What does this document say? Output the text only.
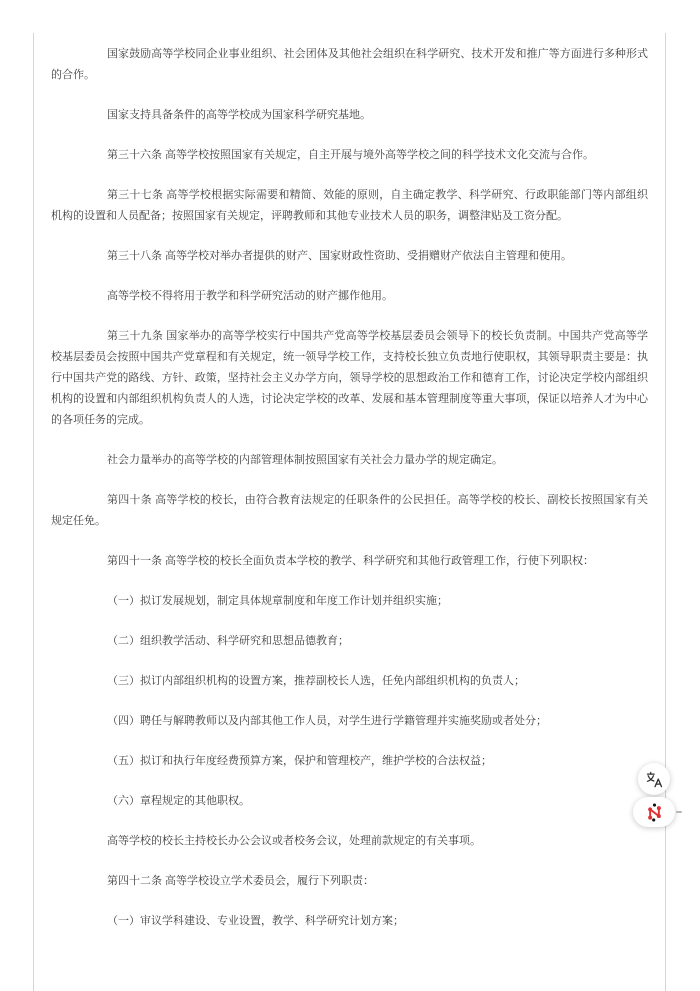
国家鼓励高等学校同企业事业组织、社会团体及其他社会组织在科学研究、技术开发和推广等方面进行多种形式的合作。

国家支持具备条件的高等学校成为国家科学研究基地。

第三十六条 高等学校按照国家有关规定，自主开展与境外高等学校之间的科学技术文化交流与合作。

第三十七条 高等学校根据实际需要和精简、效能的原则，自主确定教学、科学研究、行政职能部门等内部组织机构的设置和人员配备；按照国家有关规定，评聘教师和其他专业技术人员的职务，调整津贴及工资分配。

第三十八条 高等学校对举办者提供的财产、国家财政性资助、受捐赠财产依法自主管理和使用。

高等学校不得将用于教学和科学研究活动的财产挪作他用。

第三十九条 国家举办的高等学校实行中国共产党高等学校基层委员会领导下的校长负责制。中国共产党高等学校基层委员会按照中国共产党章程和有关规定，统一领导学校工作，支持校长独立负责地行使职权，其领导职责主要是：执行中国共产党的路线、方针、政策，坚持社会主义办学方向，领导学校的思想政治工作和德育工作，讨论决定学校内部组织机构的设置和内部组织机构负责人的人选，讨论决定学校的改革、发展和基本管理制度等重大事项，保证以培养人才为中心的各项任务的完成。

社会力量举办的高等学校的内部管理体制按照国家有关社会力量办学的规定确定。

第四十条 高等学校的校长，由符合教育法规定的任职条件的公民担任。高等学校的校长、副校长按照国家有关规定任免。

第四十一条 高等学校的校长全面负责本学校的教学、科学研究和其他行政管理工作，行使下列职权：

（一）拟订发展规划，制定具体规章制度和年度工作计划并组织实施；

（二）组织教学活动、科学研究和思想品德教育；

（三）拟订内部组织机构的设置方案，推荐副校长人选，任免内部组织机构的负责人；

（四）聘任与解聘教师以及内部其他工作人员，对学生进行学籍管理并实施奖励或者处分；

（五）拟订和执行年度经费预算方案，保护和管理校产，维护学校的合法权益；

（六）章程规定的其他职权。

高等学校的校长主持校长办公会议或者校务会议，处理前款规定的有关事项。

第四十二条 高等学校设立学术委员会，履行下列职责：

（一）审议学科建设、专业设置，教学、科学研究计划方案；
